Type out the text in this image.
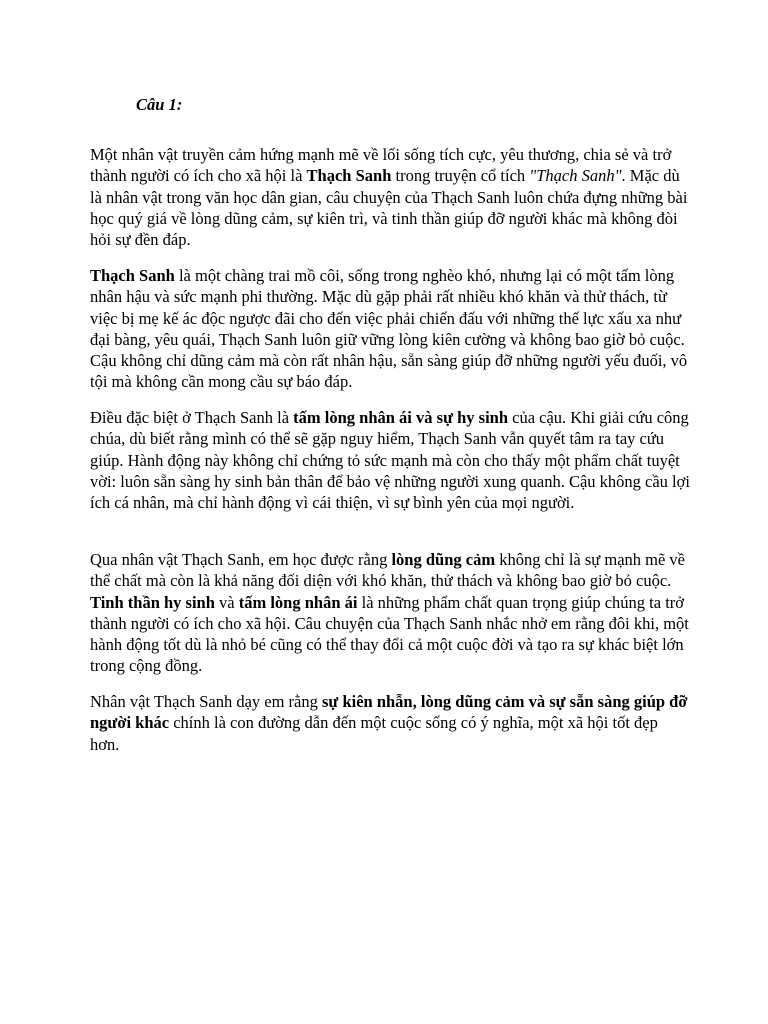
Câu 1:

Một nhân vật truyền cảm hứng mạnh mẽ về lối sống tích cực, yêu thương, chia sẻ và trở thành người có ích cho xã hội là Thạch Sanh trong truyện cổ tích "Thạch Sanh". Mặc dù là nhân vật trong văn học dân gian, câu chuyện của Thạch Sanh luôn chứa đựng những bài học quý giá về lòng dũng cảm, sự kiên trì, và tinh thần giúp đỡ người khác mà không đòi hỏi sự đền đáp.

Thạch Sanh là một chàng trai mồ côi, sống trong nghèo khó, nhưng lại có một tấm lòng nhân hậu và sức mạnh phi thường. Mặc dù gặp phải rất nhiều khó khăn và thử thách, từ việc bị mẹ kế ác độc ngược đãi cho đến việc phải chiến đấu với những thế lực xấu xa như đại bàng, yêu quái, Thạch Sanh luôn giữ vững lòng kiên cường và không bao giờ bỏ cuộc. Cậu không chỉ dũng cảm mà còn rất nhân hậu, sẵn sàng giúp đỡ những người yếu đuối, vô tội mà không cần mong cầu sự báo đáp.

Điều đặc biệt ở Thạch Sanh là tấm lòng nhân ái và sự hy sinh của cậu. Khi giải cứu công chúa, dù biết rằng mình có thể sẽ gặp nguy hiểm, Thạch Sanh vẫn quyết tâm ra tay cứu giúp. Hành động này không chỉ chứng tỏ sức mạnh mà còn cho thấy một phẩm chất tuyệt vời: luôn sẵn sàng hy sinh bản thân để bảo vệ những người xung quanh. Cậu không cầu lợi ích cá nhân, mà chỉ hành động vì cái thiện, vì sự bình yên của mọi người.

Qua nhân vật Thạch Sanh, em học được rằng lòng dũng cảm không chỉ là sự mạnh mẽ về thể chất mà còn là khả năng đối diện với khó khăn, thử thách và không bao giờ bỏ cuộc. Tinh thần hy sinh và tấm lòng nhân ái là những phẩm chất quan trọng giúp chúng ta trở thành người có ích cho xã hội. Câu chuyện của Thạch Sanh nhắc nhở em rằng đôi khi, một hành động tốt dù là nhỏ bé cũng có thể thay đổi cả một cuộc đời và tạo ra sự khác biệt lớn trong cộng đồng.

Nhân vật Thạch Sanh dạy em rằng sự kiên nhẫn, lòng dũng cảm và sự sẵn sàng giúp đỡ người khác chính là con đường dẫn đến một cuộc sống có ý nghĩa, một xã hội tốt đẹp hơn.
